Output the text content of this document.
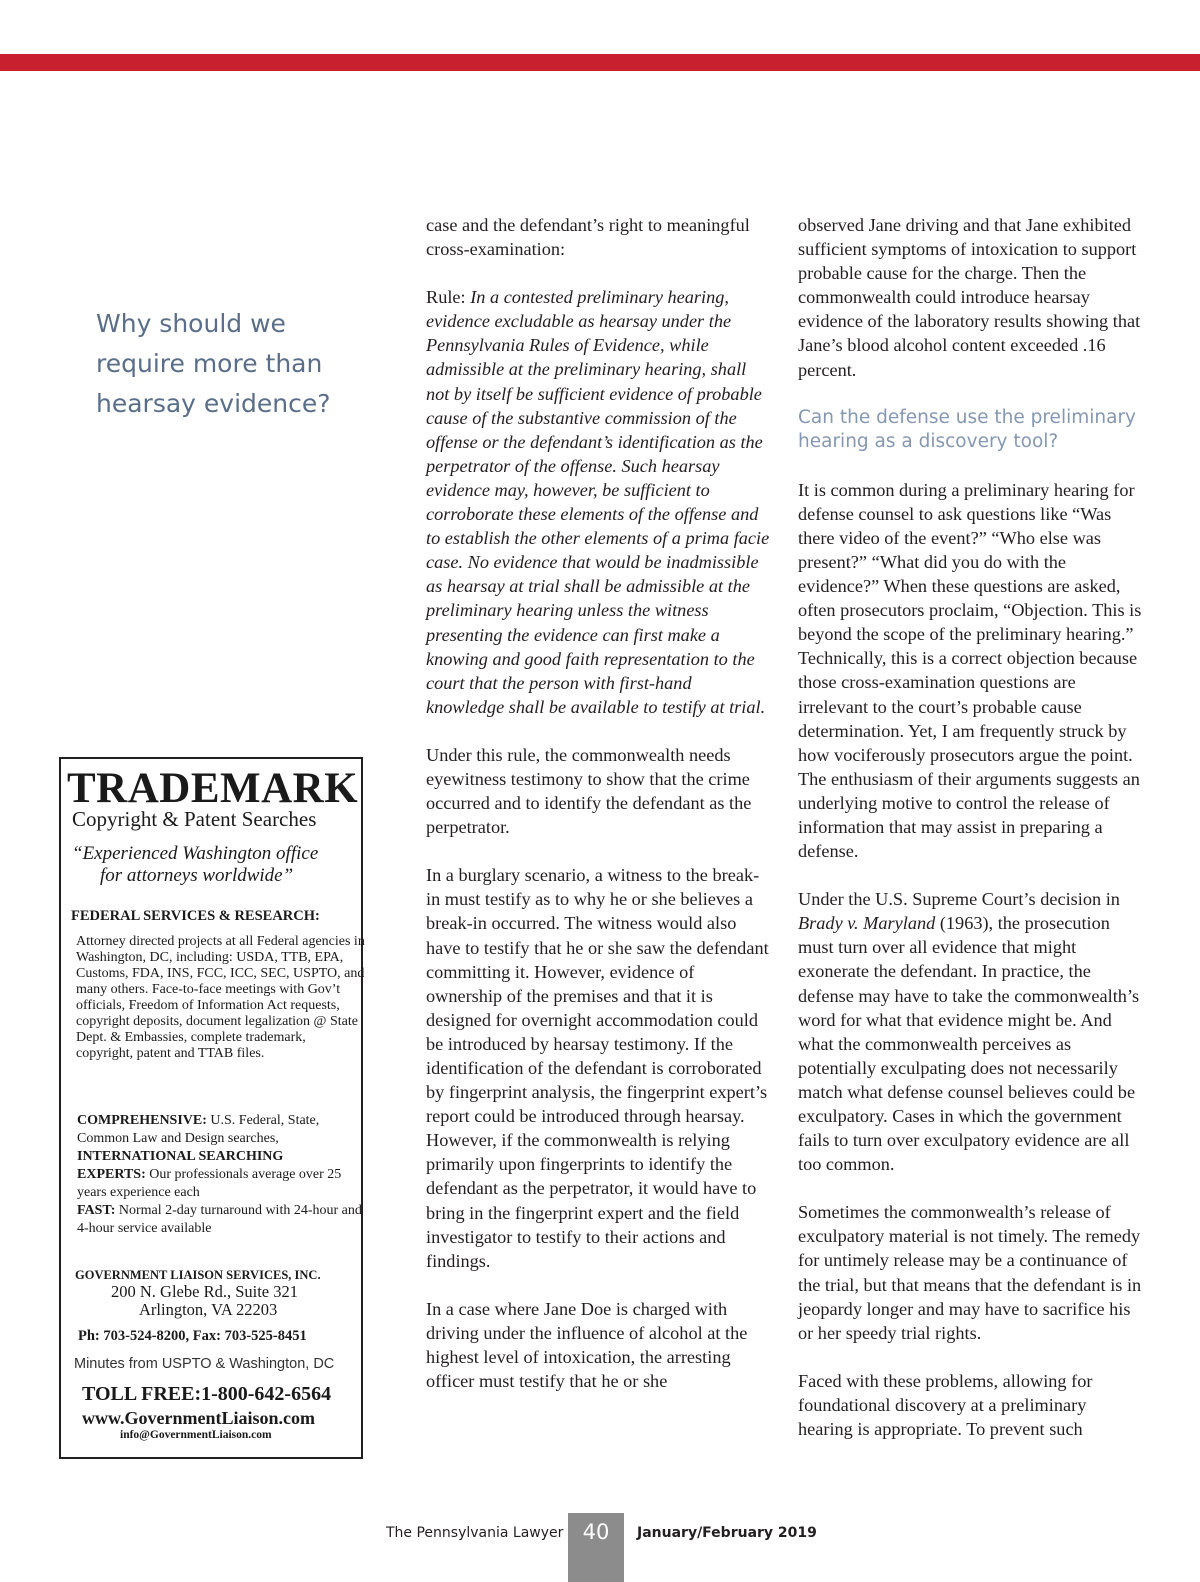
Why should we require more than hearsay evidence?

case and the defendant’s right to meaningful cross-examination:

Rule: In a contested preliminary hearing, evidence excludable as hearsay under the Pennsylvania Rules of Evidence, while admissible at the preliminary hearing, shall not by itself be sufficient evidence of probable cause of the substantive commission of the offense or the defendant’s identification as the perpetrator of the offense. Such hearsay evidence may, however, be sufficient to corroborate these elements of the offense and to establish the other elements of a prima facie case. No evidence that would be inadmissible as hearsay at trial shall be admissible at the preliminary hearing unless the witness presenting the evidence can first make a knowing and good faith representation to the court that the person with first-hand knowledge shall be available to testify at trial.

Under this rule, the commonwealth needs eyewitness testimony to show that the crime occurred and to identify the defendant as the perpetrator.

In a burglary scenario, a witness to the break-in must testify as to why he or she believes a break-in occurred. The witness would also have to testify that he or she saw the defendant committing it. However, evidence of ownership of the premises and that it is designed for overnight accommodation could be introduced by hearsay testimony. If the identification of the defendant is corroborated by fingerprint analysis, the fingerprint expert’s report could be introduced through hearsay. However, if the commonwealth is relying primarily upon fingerprints to identify the defendant as the perpetrator, it would have to bring in the fingerprint expert and the field investigator to testify to their actions and findings.

In a case where Jane Doe is charged with driving under the influence of alcohol at the highest level of intoxication, the arresting officer must testify that he or she

observed Jane driving and that Jane exhibited sufficient symptoms of intoxication to support probable cause for the charge. Then the commonwealth could introduce hearsay evidence of the laboratory results showing that Jane’s blood alcohol content exceeded .16 percent.

Can the defense use the preliminary hearing as a discovery tool?

It is common during a preliminary hearing for defense counsel to ask questions like “Was there video of the event?” “Who else was present?” “What did you do with the evidence?” When these questions are asked, often prosecutors proclaim, “Objection. This is beyond the scope of the preliminary hearing.” Technically, this is a correct objection because those cross-examination questions are irrelevant to the court’s probable cause determination. Yet, I am frequently struck by how vociferously prosecutors argue the point. The enthusiasm of their arguments suggests an underlying motive to control the release of information that may assist in preparing a defense.

Under the U.S. Supreme Court’s decision in Brady v. Maryland (1963), the prosecution must turn over all evidence that might exonerate the defendant. In practice, the defense may have to take the commonwealth’s word for what that evidence might be. And what the commonwealth perceives as potentially exculpating does not necessarily match what defense counsel believes could be exculpatory. Cases in which the government fails to turn over exculpatory evidence are all too common.

Sometimes the commonwealth’s release of exculpatory material is not timely. The remedy for untimely release may be a continuance of the trial, but that means that the defendant is in jeopardy longer and may have to sacrifice his or her speedy trial rights.

Faced with these problems, allowing for foundational discovery at a preliminary hearing is appropriate. To prevent such

TRADEMARK
Copyright & Patent Searches
“Experienced Washington office
for attorneys worldwide”
FEDERAL SERVICES & RESEARCH:
Attorney directed projects at all Federal agencies in Washington, DC, including: USDA, TTB, EPA, Customs, FDA, INS, FCC, ICC, SEC, USPTO, and many others. Face-to-face meetings with Gov’t officials, Freedom of Information Act requests, copyright deposits, document legalization @ State Dept. & Embassies, complete trademark, copyright, patent and TTAB files.
COMPREHENSIVE: U.S. Federal, State, Common Law and Design searches,
INTERNATIONAL SEARCHING
EXPERTS: Our professionals average over 25 years experience each
FAST: Normal 2-day turnaround with 24-hour and 4-hour service available
GOVERNMENT LIAISON SERVICES, INC.
200 N. Glebe Rd., Suite 321
Arlington, VA 22203
Ph: 703-524-8200, Fax: 703-525-8451
Minutes from USPTO & Washington, DC
TOLL FREE:1-800-642-6564
www.GovernmentLiaison.com
info@GovernmentLiaison.com
The Pennsylvania Lawyer 40	January/February 2019
